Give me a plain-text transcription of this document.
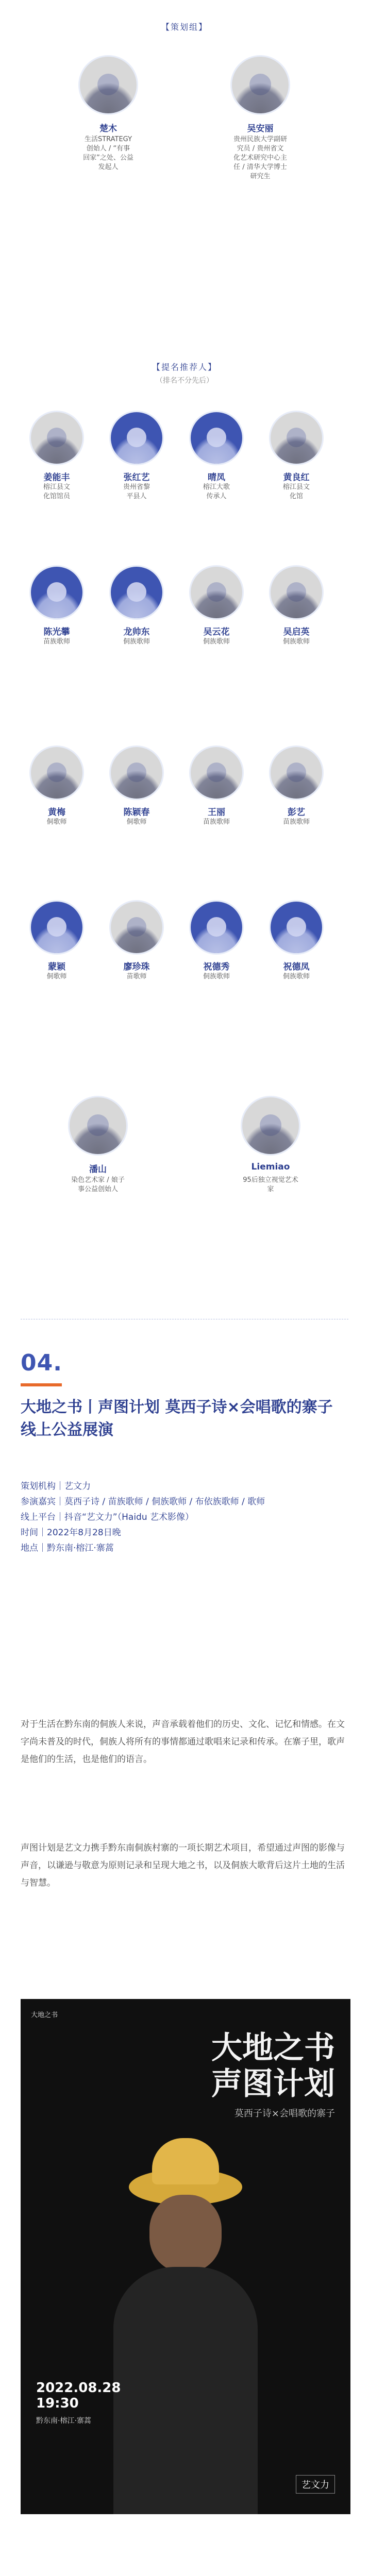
【策划组】
楚木
生活STRATEGY
创始人 / “有事
回家”之处、公益
发起人
吴安丽
贵州民族大学副研
究员 / 贵州省文
化艺术研究中心主
任 / 清华大学博士
研究生
【提名推荐人】
（排名不分先后）
姜能丰
榕江县文
化馆馆员
张红艺
贵州省黎
平县人
晴凤
榕江大歌
传承人
黄良红
榕江县文
化馆
陈光攀
苗族歌师
龙帅东
侗族歌师
吴云花
侗族歌师
吴启英
侗族歌师
黄梅
侗歌师
陈颖春
侗歌师
王丽
苗族歌师
彭艺
苗族歌师
蒙颖
侗歌师
廖珍珠
苗歌师
祝德秀
侗族歌师
祝德凤
侗族歌师
潘山
染色艺术家 / 娘子
事公益创始人
Liemiao
95后独立视觉艺术
家
04.
大地之书丨声图计划 莫西子诗×会唱歌的寨子 线上公益展演
策划机构｜艺文力
参演嘉宾｜莫西子诗 / 苗族歌师 / 侗族歌师 / 布依族歌师 / 歌师
线上平台｜抖音“艺文力”（Haidu 艺术影像）
时间｜2022年8月28日晚
地点｜黔东南·榕江·寨蒿
对于生活在黔东南的侗族人来说，声音承载着他们的历史、文化、记忆和情感。在文字尚未普及的时代，侗族人将所有的事情都通过歌唱来记录和传承。在寨子里，歌声是他们的生活，也是他们的语言。
声图计划是艺文力携手黔东南侗族村寨的一项长期艺术项目，希望通过声图的影像与声音，以谦逊与敬意为原则记录和呈现大地之书，以及侗族大歌背后这片土地的生活与智慧。
大地之书
大地之书
声图计划
莫西子诗×会唱歌的寨子
2022.08.28
19:30
黔东南·榕江·寨蒿
艺文力
